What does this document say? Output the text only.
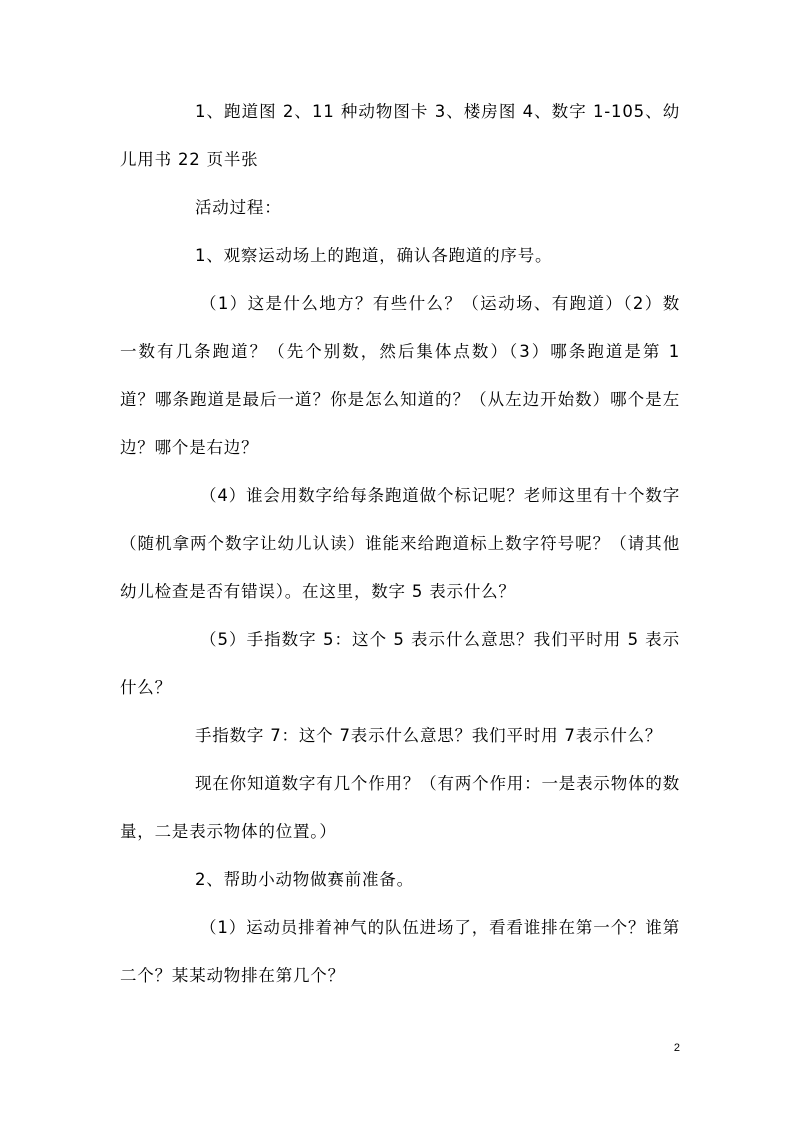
1、跑道图 2、11 种动物图卡 3、楼房图 4、数字 1-105、幼儿用书 22 页半张

活动过程：

1、观察运动场上的跑道，确认各跑道的序号。

（1）这是什么地方？有些什么？（运动场、有跑道）（2）数一数有几条跑道？（先个别数，然后集体点数）（3）哪条跑道是第 1 道？哪条跑道是最后一道？你是怎么知道的？（从左边开始数）哪个是左边？哪个是右边？

（4）谁会用数字给每条跑道做个标记呢？老师这里有十个数字（随机拿两个数字让幼儿认读）谁能来给跑道标上数字符号呢？（请其他幼儿检查是否有错误）。在这里，数字 5 表示什么？

（5）手指数字 5：这个 5 表示什么意思？我们平时用 5 表示什么？

手指数字 7：这个 7表示什么意思？我们平时用 7表示什么？

现在你知道数字有几个作用？（有两个作用：一是表示物体的数量，二是表示物体的位置。）

2、帮助小动物做赛前准备。

（1）运动员排着神气的队伍进场了，看看谁排在第一个？谁第二个？某某动物排在第几个？

2
